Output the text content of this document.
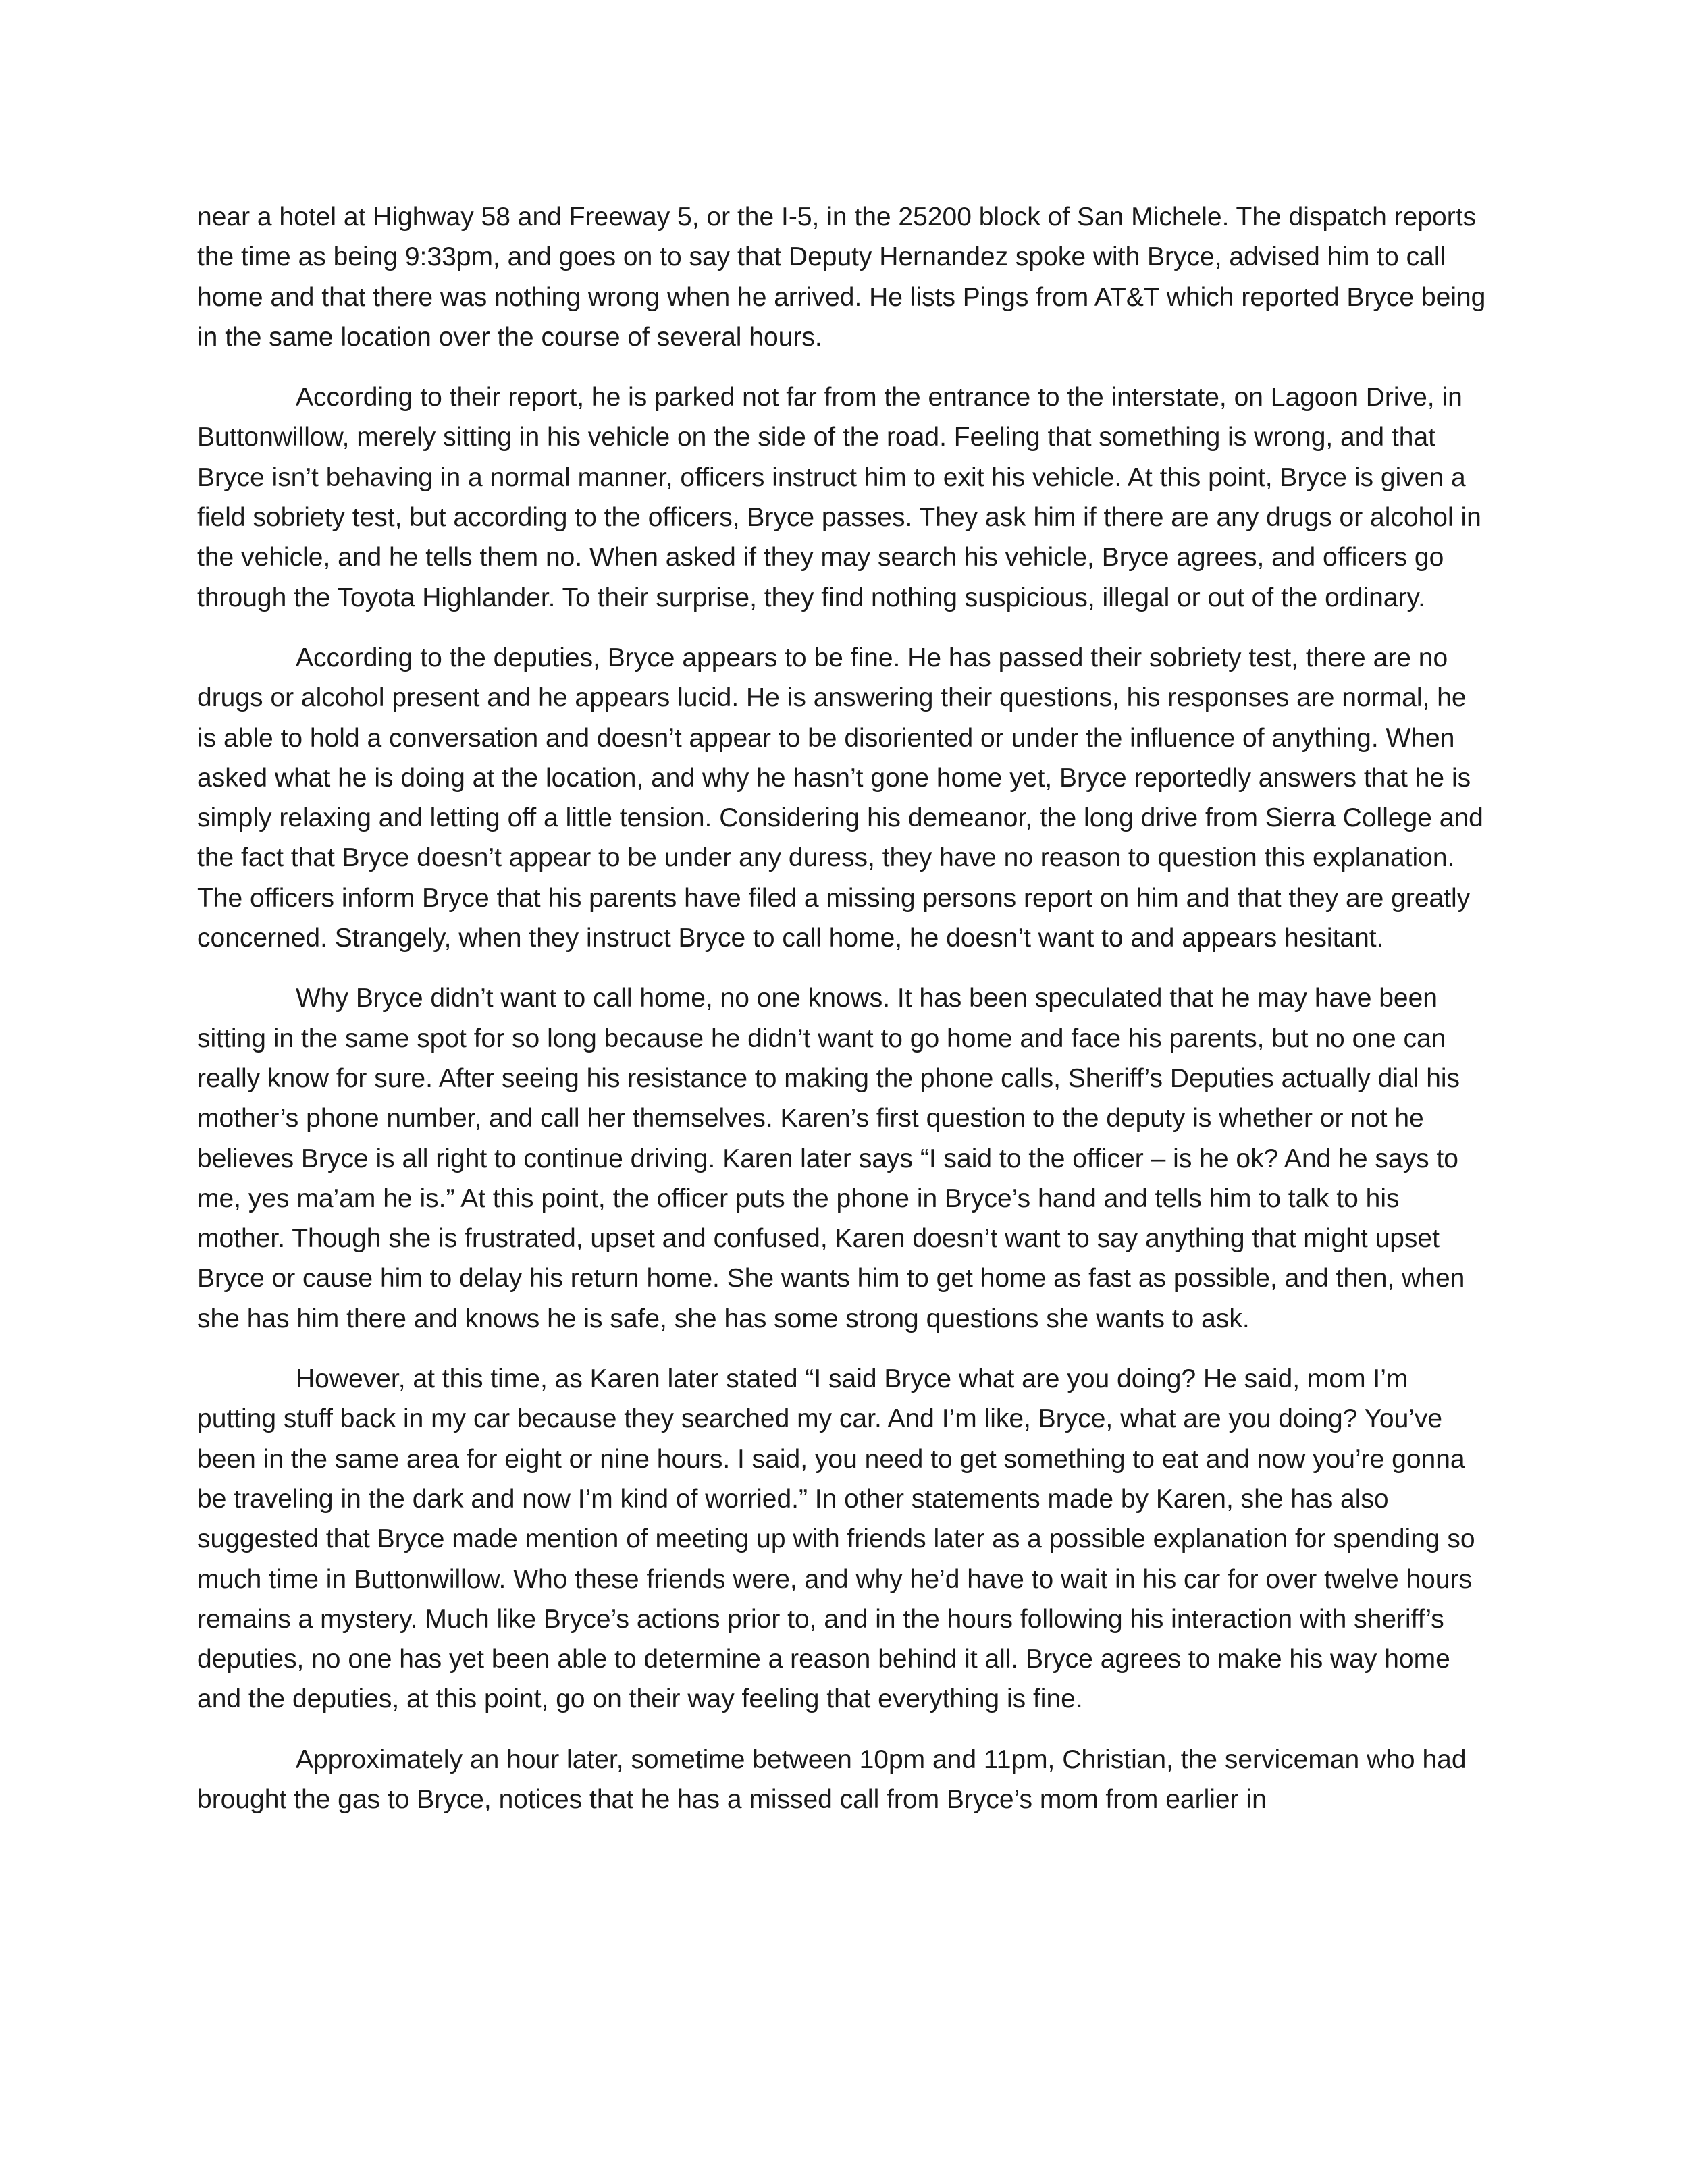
near a hotel at Highway 58 and Freeway 5, or the I-5, in the 25200 block of San Michele. The dispatch reports the time as being 9:33pm, and goes on to say that Deputy Hernandez spoke with Bryce, advised him to call home and that there was nothing wrong when he arrived. He lists Pings from AT&T which reported Bryce being in the same location over the course of several hours.

According to their report, he is parked not far from the entrance to the interstate, on Lagoon Drive, in Buttonwillow, merely sitting in his vehicle on the side of the road. Feeling that something is wrong, and that Bryce isn’t behaving in a normal manner, officers instruct him to exit his vehicle. At this point, Bryce is given a field sobriety test, but according to the officers, Bryce passes. They ask him if there are any drugs or alcohol in the vehicle, and he tells them no. When asked if they may search his vehicle, Bryce agrees, and officers go through the Toyota Highlander. To their surprise, they find nothing suspicious, illegal or out of the ordinary.

According to the deputies, Bryce appears to be fine. He has passed their sobriety test, there are no drugs or alcohol present and he appears lucid. He is answering their questions, his responses are normal, he is able to hold a conversation and doesn’t appear to be disoriented or under the influence of anything. When asked what he is doing at the location, and why he hasn’t gone home yet, Bryce reportedly answers that he is simply relaxing and letting off a little tension. Considering his demeanor, the long drive from Sierra College and the fact that Bryce doesn’t appear to be under any duress, they have no reason to question this explanation. The officers inform Bryce that his parents have filed a missing persons report on him and that they are greatly concerned. Strangely, when they instruct Bryce to call home, he doesn’t want to and appears hesitant.

Why Bryce didn’t want to call home, no one knows. It has been speculated that he may have been sitting in the same spot for so long because he didn’t want to go home and face his parents, but no one can really know for sure. After seeing his resistance to making the phone calls, Sheriff’s Deputies actually dial his mother’s phone number, and call her themselves. Karen’s first question to the deputy is whether or not he believes Bryce is all right to continue driving. Karen later says “I said to the officer – is he ok? And he says to me, yes ma’am he is.” At this point, the officer puts the phone in Bryce’s hand and tells him to talk to his mother. Though she is frustrated, upset and confused, Karen doesn’t want to say anything that might upset Bryce or cause him to delay his return home. She wants him to get home as fast as possible, and then, when she has him there and knows he is safe, she has some strong questions she wants to ask.

However, at this time, as Karen later stated “I said Bryce what are you doing? He said, mom I’m putting stuff back in my car because they searched my car. And I’m like, Bryce, what are you doing? You’ve been in the same area for eight or nine hours. I said, you need to get something to eat and now you’re gonna be traveling in the dark and now I’m kind of worried.” In other statements made by Karen, she has also suggested that Bryce made mention of meeting up with friends later as a possible explanation for spending so much time in Buttonwillow. Who these friends were, and why he’d have to wait in his car for over twelve hours remains a mystery. Much like Bryce’s actions prior to, and in the hours following his interaction with sheriff’s deputies, no one has yet been able to determine a reason behind it all. Bryce agrees to make his way home and the deputies, at this point, go on their way feeling that everything is fine.

Approximately an hour later, sometime between 10pm and 11pm, Christian, the serviceman who had brought the gas to Bryce, notices that he has a missed call from Bryce’s mom from earlier in
